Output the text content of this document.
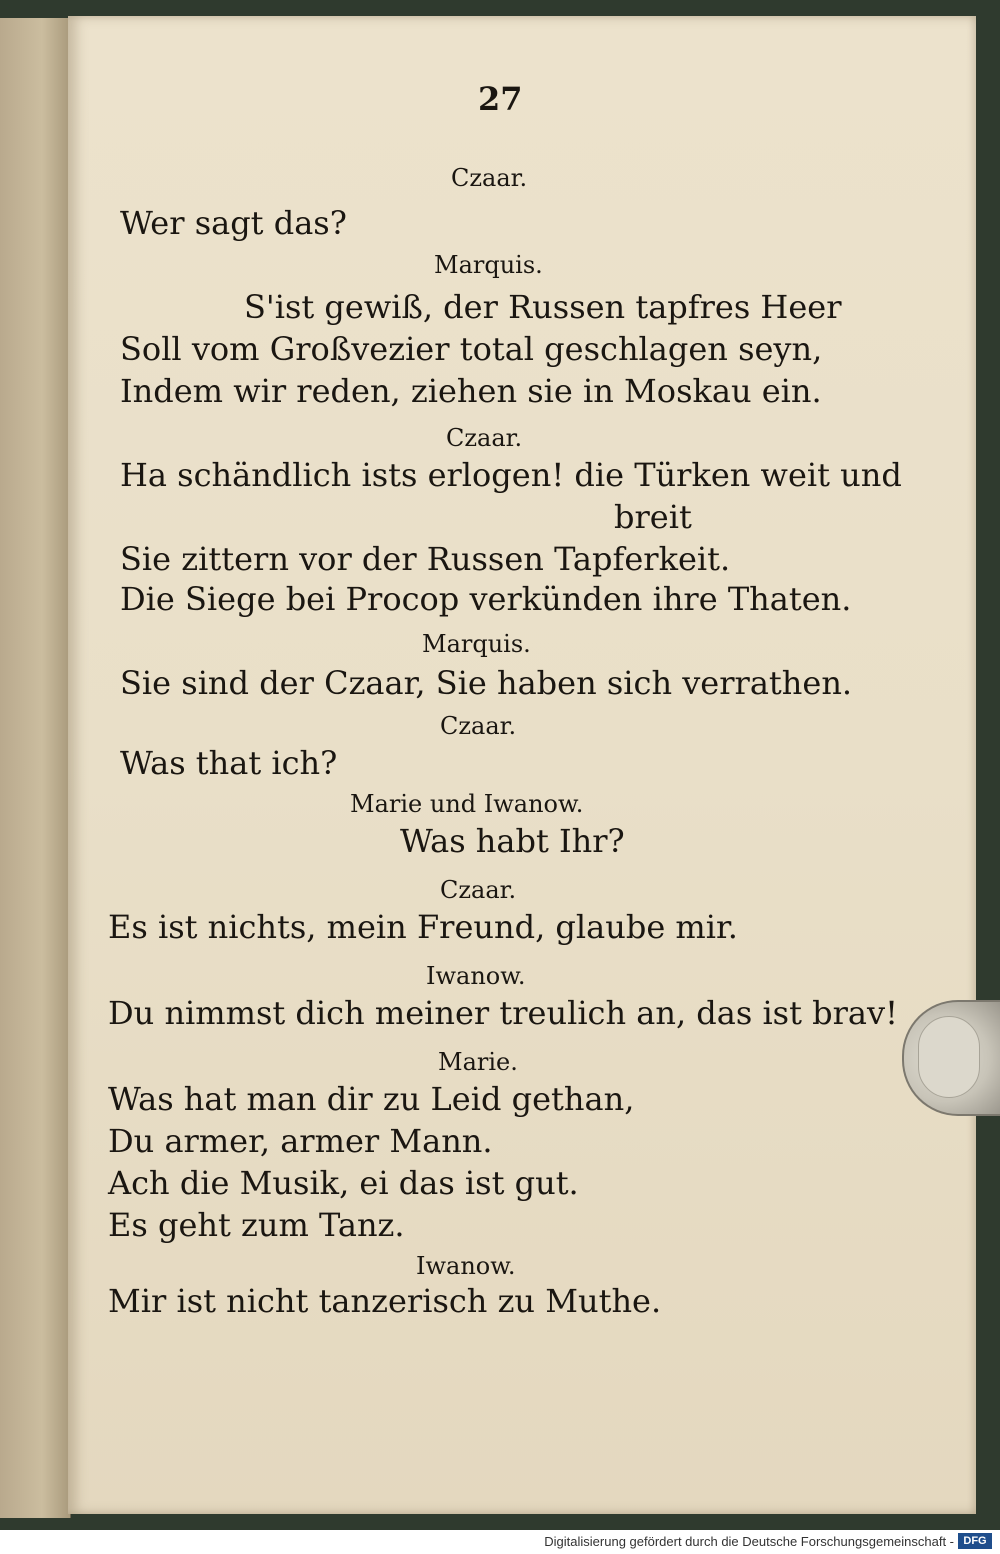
27
Czaar.
Wer sagt das?
Marquis.
S'ist gewiß, der Russen tapfres Heer
Soll vom Großvezier total geschlagen seyn,
Indem wir reden, ziehen sie in Moskau ein.
Czaar.
Ha schändlich ists erlogen! die Türken weit und
breit
Sie zittern vor der Russen Tapferkeit.
Die Siege bei Procop verkünden ihre Thaten.
Marquis.
Sie sind der Czaar, Sie haben sich verrathen.
Czaar.
Was that ich?
Marie und Iwanow.
Was habt Ihr?
Czaar.
Es ist nichts, mein Freund, glaube mir.
Iwanow.
Du nimmst dich meiner treulich an, das ist brav!
Marie.
Was hat man dir zu Leid gethan,
Du armer, armer Mann.
Ach die Musik, ei das ist gut.
Es geht zum Tanz.
Iwanow.
Mir ist nicht tanzerisch zu Muthe.
Digitalisierung gefördert durch die Deutsche Forschungsgemeinschaft - DFG
